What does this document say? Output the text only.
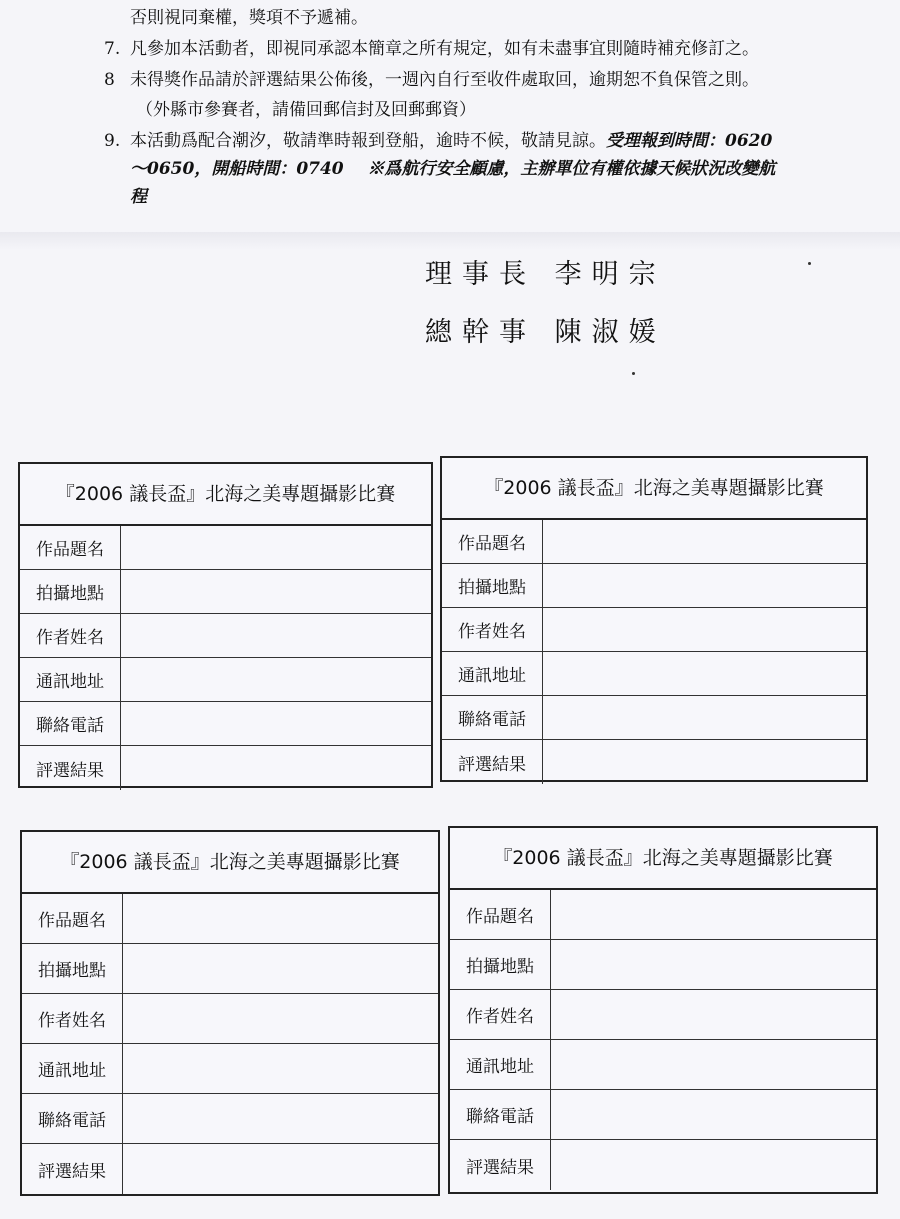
否則視同棄權，獎項不予遞補。
7. 凡參加本活動者，即視同承認本簡章之所有規定，如有未盡事宜則隨時補充修訂之。
8 未得獎作品請於評選結果公佈後，一週內自行至收件處取回，逾期恕不負保管之則。
（外縣市參賽者，請備回郵信封及回郵郵資）
9. 本活動爲配合潮汐，敬請準時報到登船，逾時不候，敬請見諒。受理報到時間：0620
～0650，開船時間：0740 ※爲航行安全顧慮，主辦單位有權依據天候狀況改變航
程
理事長 李明宗
總幹事 陳淑媛
『2006 議長盃』北海之美專題攝影比賽
作品題名
拍攝地點
作者姓名
通訊地址
聯絡電話
評選結果
『2006 議長盃』北海之美專題攝影比賽
作品題名
拍攝地點
作者姓名
通訊地址
聯絡電話
評選結果
『2006 議長盃』北海之美專題攝影比賽
作品題名
拍攝地點
作者姓名
通訊地址
聯絡電話
評選結果
『2006 議長盃』北海之美專題攝影比賽
作品題名
拍攝地點
作者姓名
通訊地址
聯絡電話
評選結果
